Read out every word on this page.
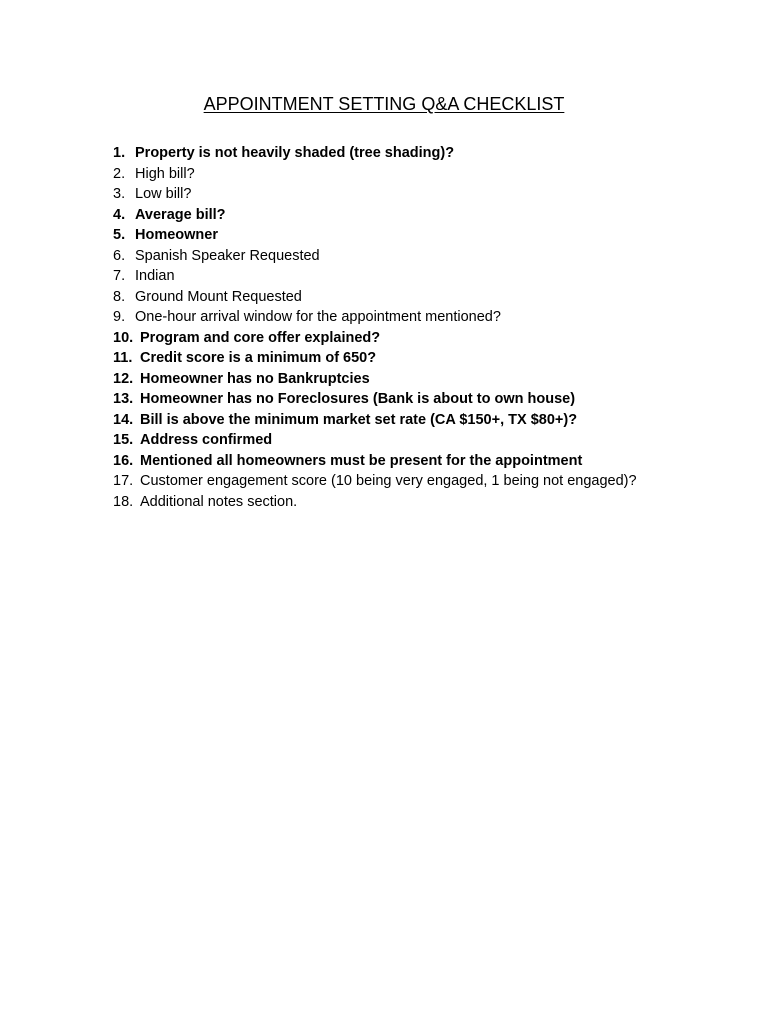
APPOINTMENT SETTING Q&A CHECKLIST
1. Property is not heavily shaded (tree shading)?
2. High bill?
3. Low bill?
4. Average bill?
5. Homeowner
6. Spanish Speaker Requested
7. Indian
8. Ground Mount Requested
9. One-hour arrival window for the appointment mentioned?
10. Program and core offer explained?
11. Credit score is a minimum of 650?
12. Homeowner has no Bankruptcies
13. Homeowner has no Foreclosures (Bank is about to own house)
14. Bill is above the minimum market set rate (CA $150+, TX $80+)?
15. Address confirmed
16. Mentioned all homeowners must be present for the appointment
17. Customer engagement score (10 being very engaged, 1 being not engaged)?
18. Additional notes section.
